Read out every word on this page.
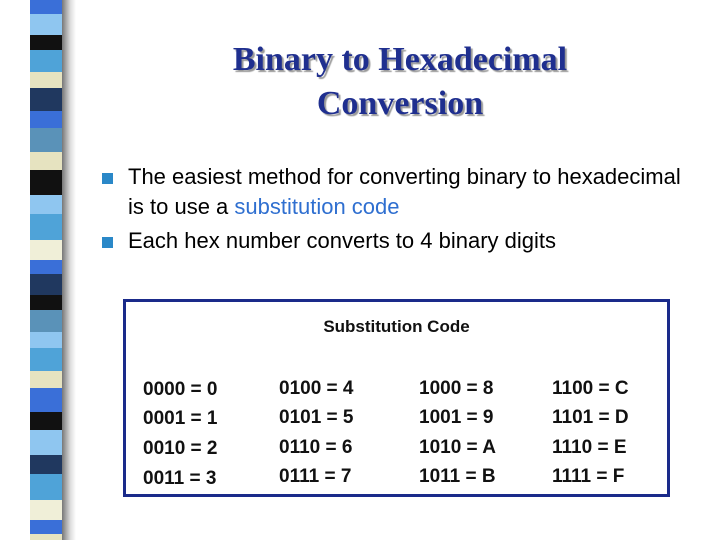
Binary to Hexadecimal
Conversion
The easiest method for converting binary to hexadecimal is to use a substitution code
Each hex number converts to 4 binary digits
Substitution Code
0000 = 0
0001 = 1
0010 = 2
0011 = 3
0100 = 4
0101 = 5
0110 = 6
0111 = 7
1000 = 8
1001 = 9
1010 = A
1011 = B
1100 = C
1101 = D
1110 = E
1111 = F
